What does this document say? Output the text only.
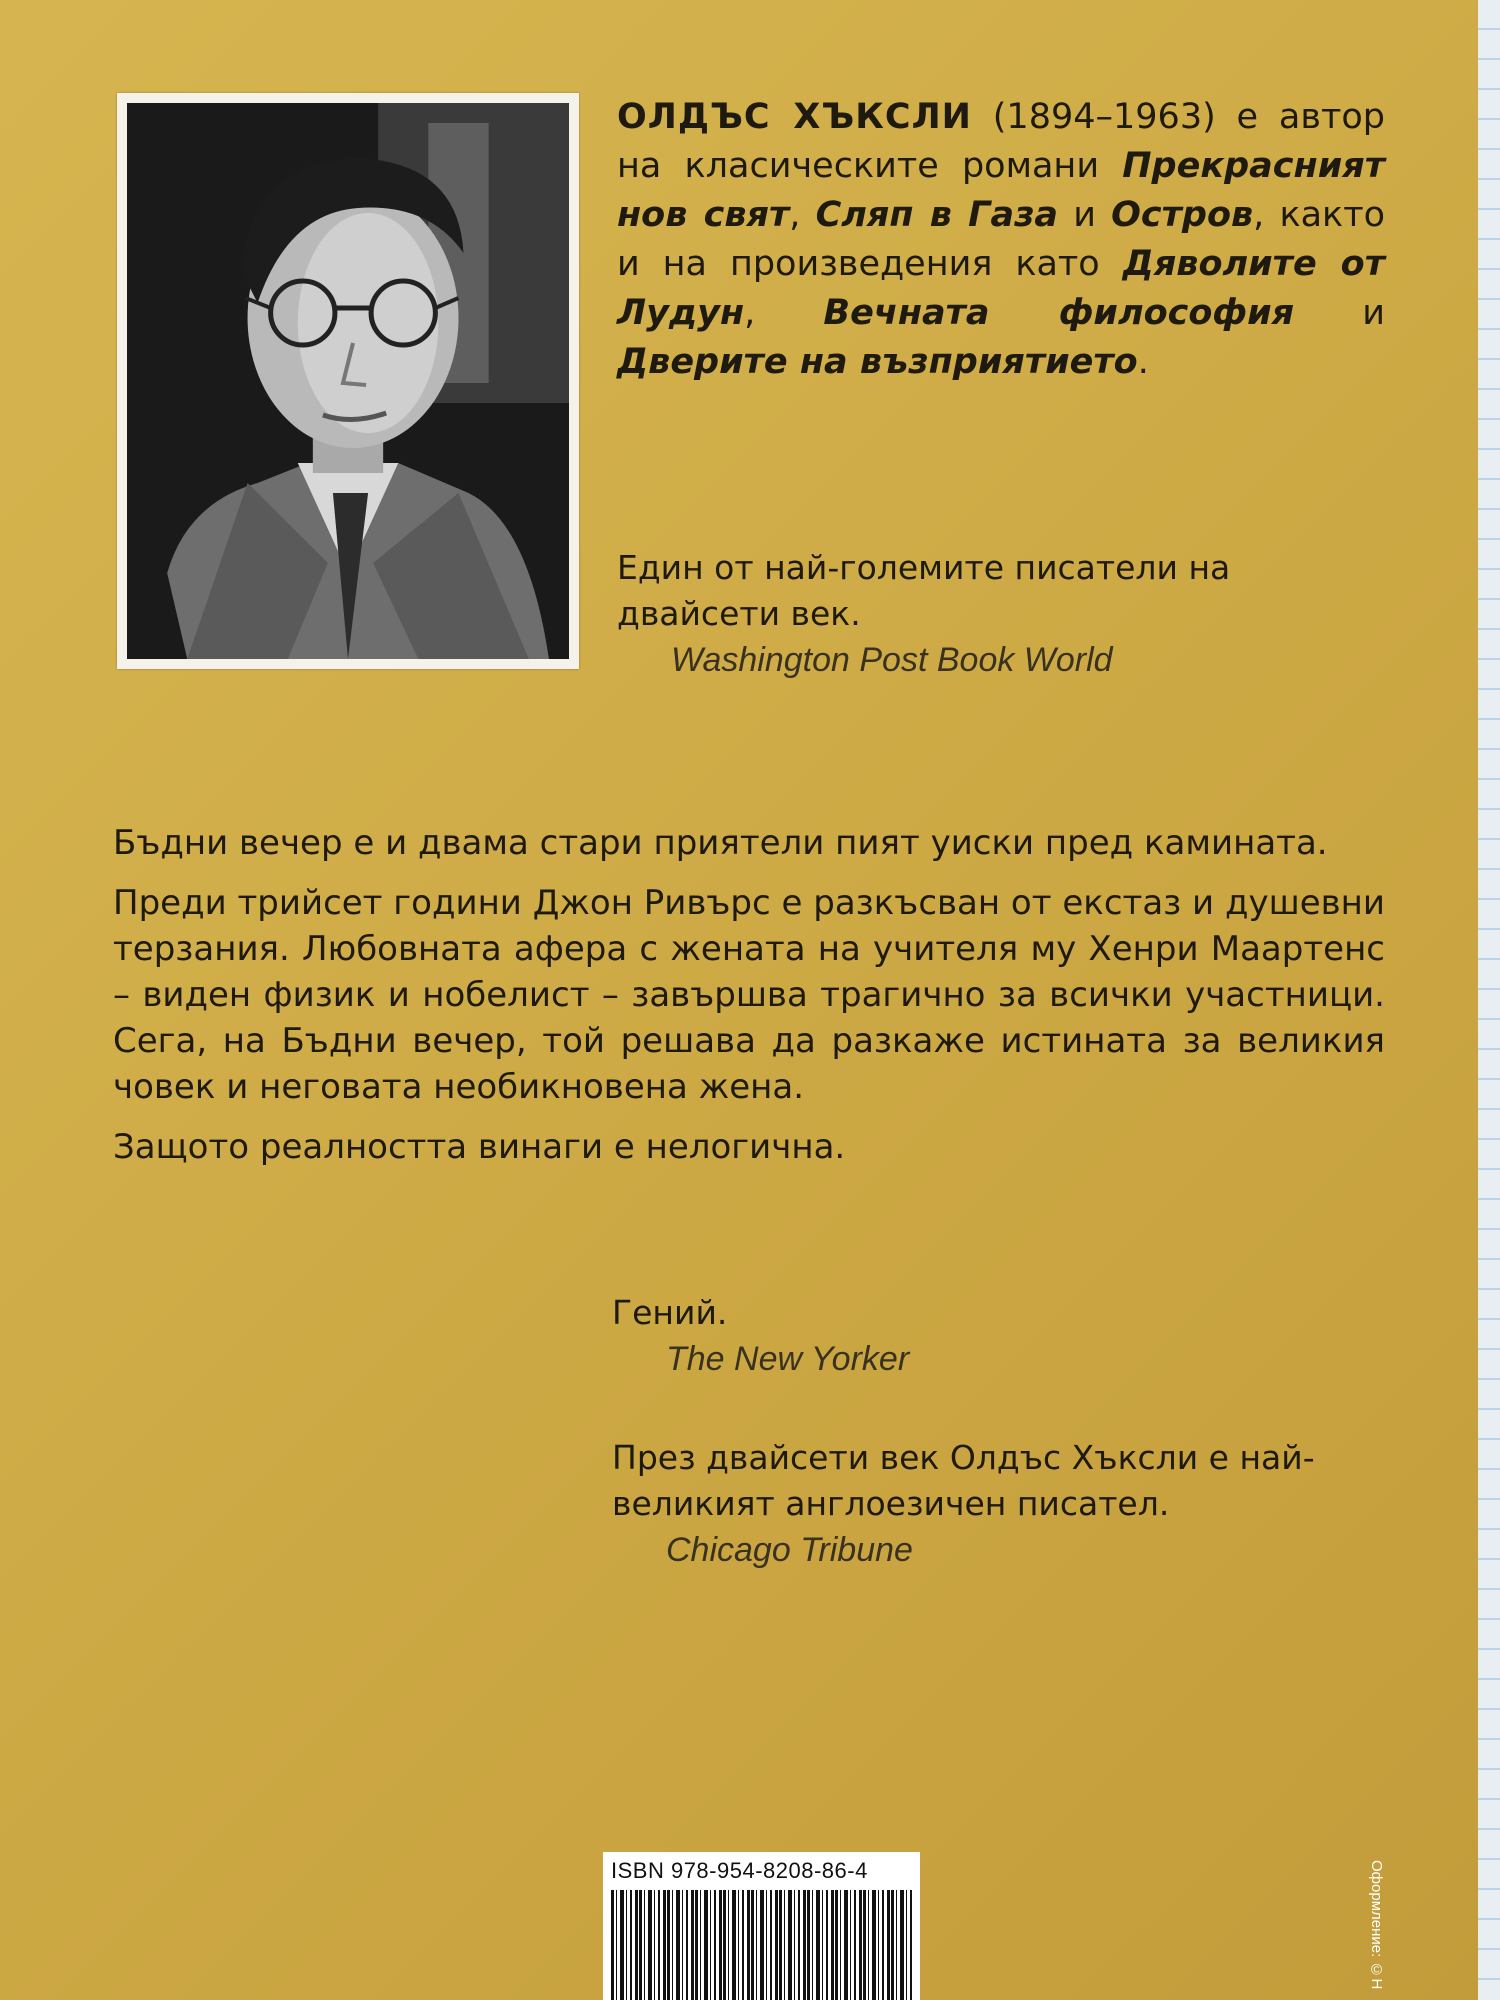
ОЛДЪС ХЪКСЛИ (1894–1963) е автор на класическите романи Прекрасният нов свят, Сляп в Газа и Остров, както и на произведения като Дяволите от Лудун, Вечната философия и Дверите на възприятието.
Един от най-големите писатели на двайсети век.
Washington Post Book World

Бъдни вечер е и двама стари приятели пият уиски пред камината.

Преди трийсет години Джон Ривърс е разкъсван от екстаз и душевни терзания. Любовната афера с жената на учителя му Хенри Маартенс – виден физик и нобелист – завършва трагично за всички участници. Сега, на Бъдни вечер, той решава да разкаже истината за великия човек и неговата необикновена жена.

Защото реалността винаги е нелогична.

Гений.
The New Yorker
През двайсети век Олдъс Хъксли е най-великият англоезичен писател.
Chicago Tribune
ISBN 978-954-8208-86-4	Оформление: ©Н
